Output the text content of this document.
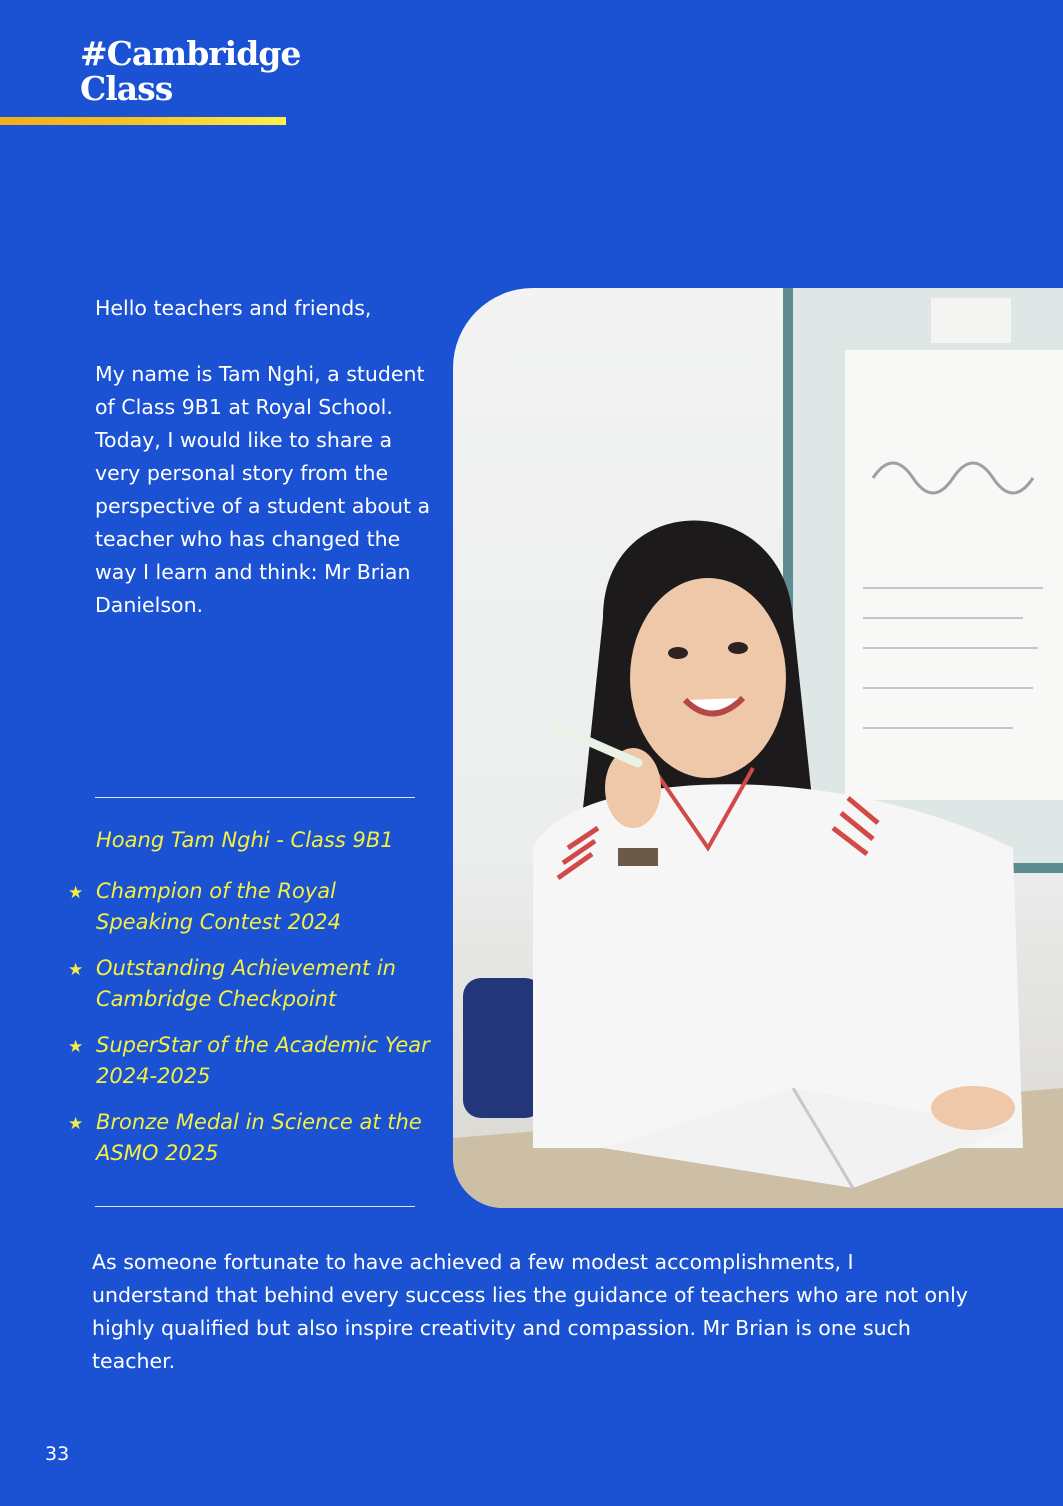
#Cambridge
Class

Hello teachers and friends,

My name is Tam Nghi, a student of Class 9B1 at Royal School. Today, I would like to share a very personal story from the perspective of a student about a teacher who has changed the way I learn and think: Mr Brian Danielson.

Hoang Tam Nghi - Class 9B1
★ Champion of the Royal Speaking Contest 2024
★ Outstanding Achievement in Cambridge Checkpoint
★ SuperStar of the Academic Year 2024-2025
★ Bronze Medal in Science at the ASMO 2025

As someone fortunate to have achieved a few modest accomplishments, I understand that behind every success lies the guidance of teachers who are not only highly qualified but also inspire creativity and compassion. Mr Brian is one such teacher.

33
